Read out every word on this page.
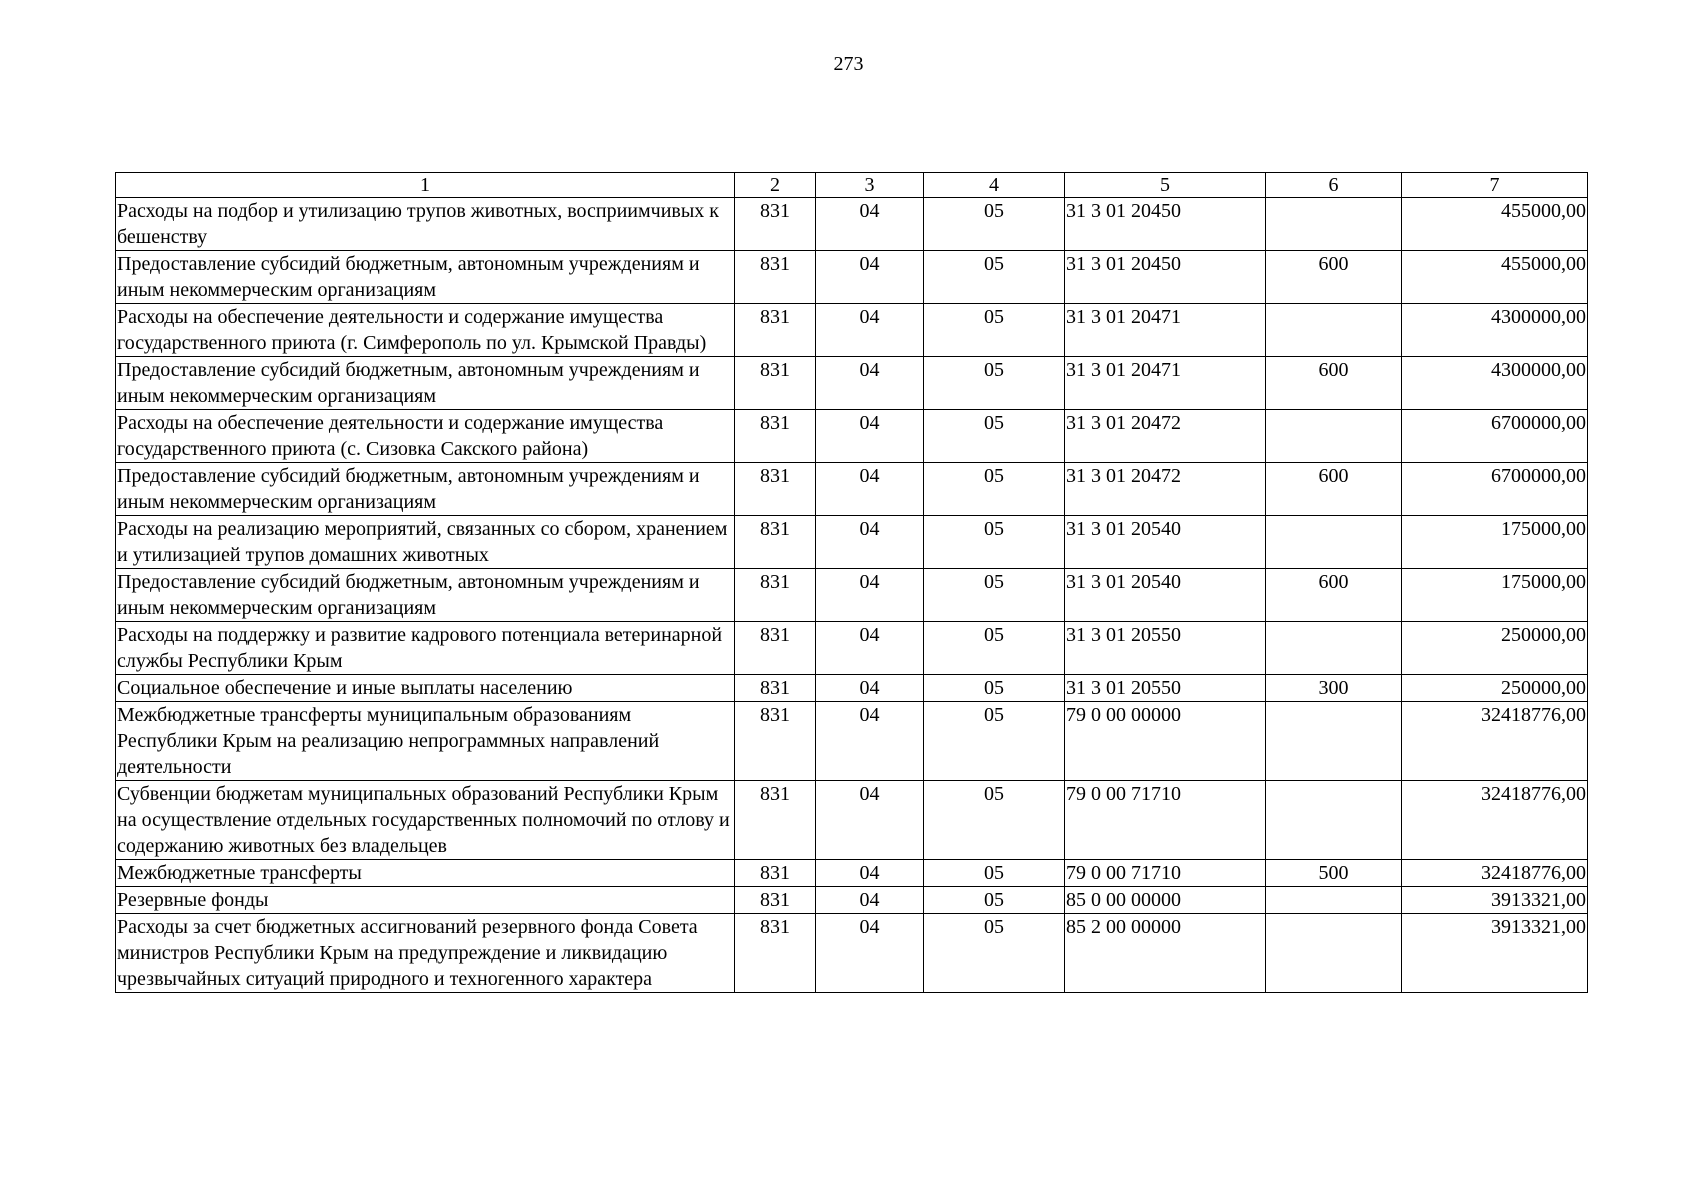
273
1	2	3	4	5	6	7
Расходы на подбор и утилизацию трупов животных, восприимчивых к бешенству	831	04	05	31 3 01 20450		455000,00
Предоставление субсидий бюджетным, автономным учреждениям и иным некоммерческим организациям	831	04	05	31 3 01 20450	600	455000,00
Расходы на обеспечение деятельности и содержание имущества государственного приюта (г. Симферополь по ул. Крымской Правды)	831	04	05	31 3 01 20471		4300000,00
Предоставление субсидий бюджетным, автономным учреждениям и иным некоммерческим организациям	831	04	05	31 3 01 20471	600	4300000,00
Расходы на обеспечение деятельности и содержание имущества государственного приюта (с. Сизовка Сакского района)	831	04	05	31 3 01 20472		6700000,00
Предоставление субсидий бюджетным, автономным учреждениям и иным некоммерческим организациям	831	04	05	31 3 01 20472	600	6700000,00
Расходы на реализацию мероприятий, связанных со сбором, хранением и утилизацией трупов домашних животных	831	04	05	31 3 01 20540		175000,00
Предоставление субсидий бюджетным, автономным учреждениям и иным некоммерческим организациям	831	04	05	31 3 01 20540	600	175000,00
Расходы на поддержку и развитие кадрового потенциала ветеринарной службы Республики Крым	831	04	05	31 3 01 20550		250000,00
Социальное обеспечение и иные выплаты населению	831	04	05	31 3 01 20550	300	250000,00
Межбюджетные трансферты муниципальным образованиям Республики Крым на реализацию непрограммных направлений деятельности	831	04	05	79 0 00 00000		32418776,00
Субвенции бюджетам муниципальных образований Республики Крым на осуществление отдельных государственных полномочий по отлову и содержанию животных без владельцев	831	04	05	79 0 00 71710		32418776,00
Межбюджетные трансферты	831	04	05	79 0 00 71710	500	32418776,00
Резервные фонды	831	04	05	85 0 00 00000		3913321,00
Расходы за счет бюджетных ассигнований резервного фонда Совета министров Республики Крым на предупреждение и ликвидацию чрезвычайных ситуаций природного и техногенного характера	831	04	05	85 2 00 00000		3913321,00
